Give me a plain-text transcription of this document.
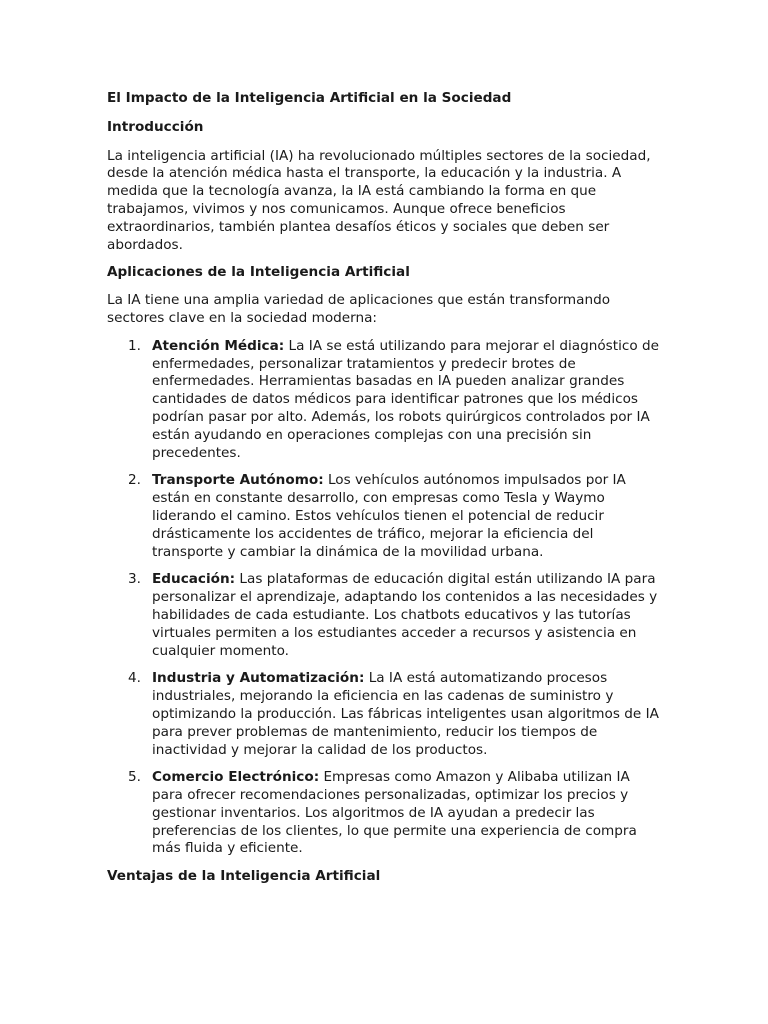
El Impacto de la Inteligencia Artificial en la Sociedad
Introducción

La inteligencia artificial (IA) ha revolucionado múltiples sectores de la sociedad, desde la atención médica hasta el transporte, la educación y la industria. A medida que la tecnología avanza, la IA está cambiando la forma en que trabajamos, vivimos y nos comunicamos. Aunque ofrece beneficios extraordinarios, también plantea desafíos éticos y sociales que deben ser abordados.

Aplicaciones de la Inteligencia Artificial

La IA tiene una amplia variedad de aplicaciones que están transformando sectores clave en la sociedad moderna:

1. Atención Médica: La IA se está utilizando para mejorar el diagnóstico de enfermedades, personalizar tratamientos y predecir brotes de enfermedades. Herramientas basadas en IA pueden analizar grandes cantidades de datos médicos para identificar patrones que los médicos podrían pasar por alto. Además, los robots quirúrgicos controlados por IA están ayudando en operaciones complejas con una precisión sin precedentes.
2. Transporte Autónomo: Los vehículos autónomos impulsados por IA están en constante desarrollo, con empresas como Tesla y Waymo liderando el camino. Estos vehículos tienen el potencial de reducir drásticamente los accidentes de tráfico, mejorar la eficiencia del transporte y cambiar la dinámica de la movilidad urbana.
3. Educación: Las plataformas de educación digital están utilizando IA para personalizar el aprendizaje, adaptando los contenidos a las necesidades y habilidades de cada estudiante. Los chatbots educativos y las tutorías virtuales permiten a los estudiantes acceder a recursos y asistencia en cualquier momento.
4. Industria y Automatización: La IA está automatizando procesos industriales, mejorando la eficiencia en las cadenas de suministro y optimizando la producción. Las fábricas inteligentes usan algoritmos de IA para prever problemas de mantenimiento, reducir los tiempos de inactividad y mejorar la calidad de los productos.
5. Comercio Electrónico: Empresas como Amazon y Alibaba utilizan IA para ofrecer recomendaciones personalizadas, optimizar los precios y gestionar inventarios. Los algoritmos de IA ayudan a predecir las preferencias de los clientes, lo que permite una experiencia de compra más fluida y eficiente.
Ventajas de la Inteligencia Artificial
